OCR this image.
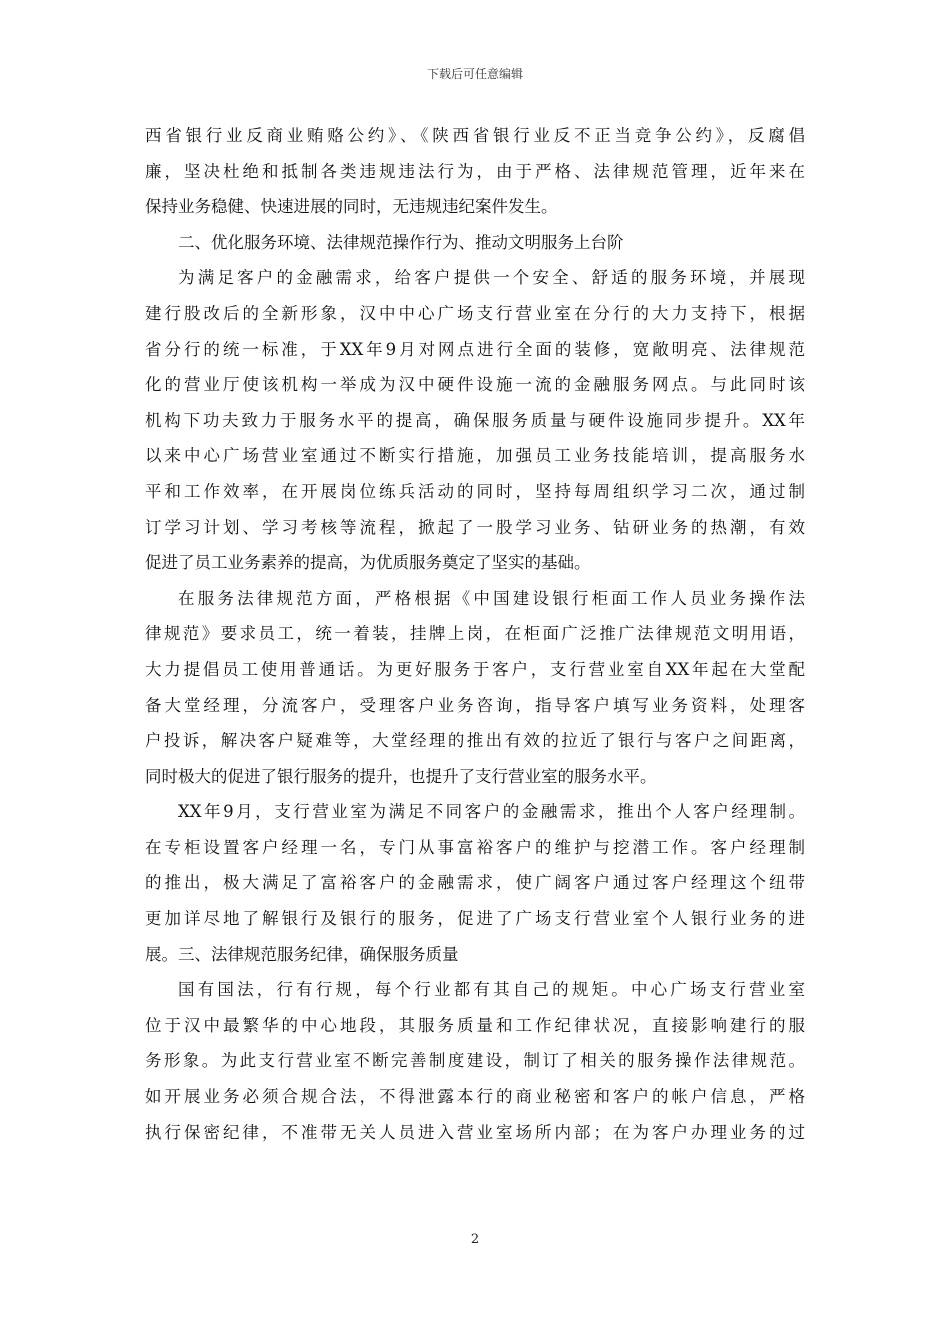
下载后可任意编辑
西省银行业反商业贿赂公约》、《陕西省银行业反不正当竞争公约》，反腐倡
廉，坚决杜绝和抵制各类违规违法行为，由于严格、法律规范管理，近年来在
保持业务稳健、快速进展的同时，无违规违纪案件发生。
二、优化服务环境、法律规范操作行为、推动文明服务上台阶
为满足客户的金融需求，给客户提供一个安全、舒适的服务环境，并展现
建行股改后的全新形象，汉中中心广场支行营业室在分行的大力支持下，根据
省分行的统一标准，于XX年9月对网点进行全面的装修，宽敞明亮、法律规范
化的营业厅使该机构一举成为汉中硬件设施一流的金融服务网点。与此同时该
机构下功夫致力于服务水平的提高，确保服务质量与硬件设施同步提升。XX年
以来中心广场营业室通过不断实行措施，加强员工业务技能培训，提高服务水
平和工作效率，在开展岗位练兵活动的同时，坚持每周组织学习二次，通过制
订学习计划、学习考核等流程，掀起了一股学习业务、钻研业务的热潮，有效
促进了员工业务素养的提高，为优质服务奠定了坚实的基础。
在服务法律规范方面，严格根据《中国建设银行柜面工作人员业务操作法
律规范》要求员工，统一着装，挂牌上岗，在柜面广泛推广法律规范文明用语，
大力提倡员工使用普通话。为更好服务于客户，支行营业室自XX年起在大堂配
备大堂经理，分流客户，受理客户业务咨询，指导客户填写业务资料，处理客
户投诉，解决客户疑难等，大堂经理的推出有效的拉近了银行与客户之间距离，
同时极大的促进了银行服务的提升，也提升了支行营业室的服务水平。
XX年9月，支行营业室为满足不同客户的金融需求，推出个人客户经理制。
在专柜设置客户经理一名，专门从事富裕客户的维护与挖潜工作。客户经理制
的推出，极大满足了富裕客户的金融需求，使广阔客户通过客户经理这个纽带
更加详尽地了解银行及银行的服务，促进了广场支行营业室个人银行业务的进
展。三、法律规范服务纪律，确保服务质量
国有国法，行有行规，每个行业都有其自己的规矩。中心广场支行营业室
位于汉中最繁华的中心地段，其服务质量和工作纪律状况，直接影响建行的服
务形象。为此支行营业室不断完善制度建设，制订了相关的服务操作法律规范。
如开展业务必须合规合法，不得泄露本行的商业秘密和客户的帐户信息，严格
执行保密纪律，不准带无关人员进入营业室场所内部；在为客户办理业务的过
2
